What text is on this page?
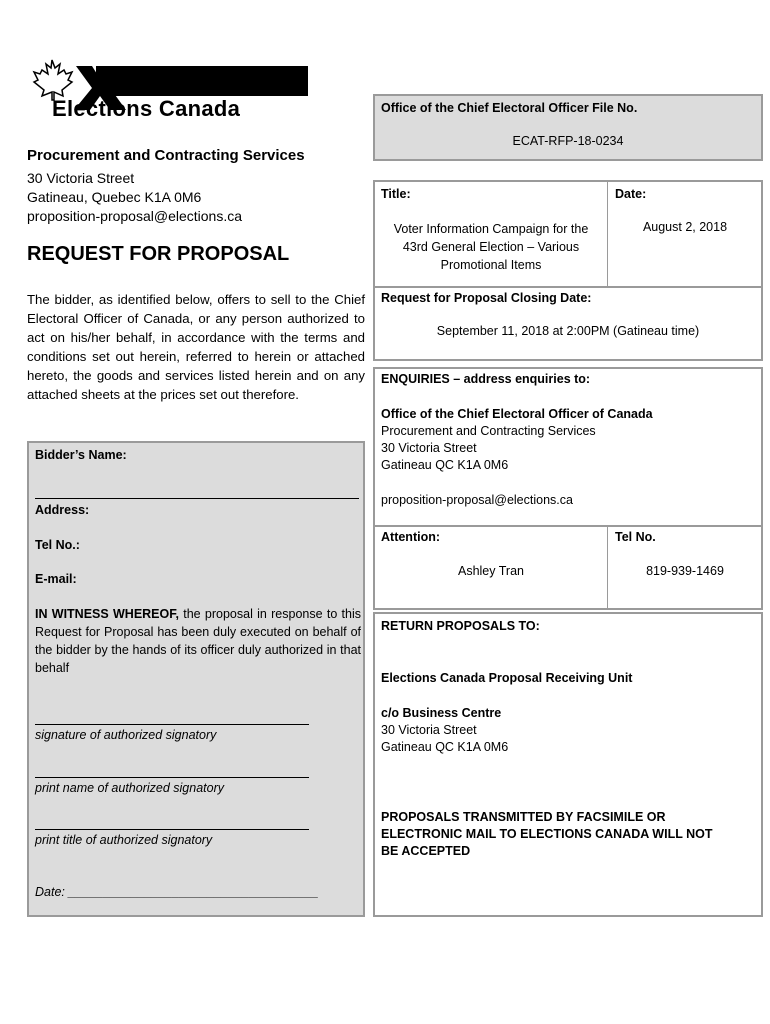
Elections Canada
Procurement and Contracting Services
30 Victoria Street
Gatineau, Quebec K1A 0M6
proposition-proposal@elections.ca
REQUEST FOR PROPOSAL
The bidder, as identified below, offers to sell to the Chief Electoral Officer of Canada, or any person authorized to act on his/her behalf, in accordance with the terms and conditions set out herein, referred to herein or attached hereto, the goods and services listed herein and on any attached sheets at the prices set out therefore.
Bidder’s Name:
Address:
Tel No.:
E-mail:
IN WITNESS WHEREOF, the proposal in response to this Request for Proposal has been duly executed on behalf of the bidder by the hands of its officer duly authorized in that behalf
signature of authorized signatory
print name of authorized signatory
print title of authorized signatory
Date: ____________________________________
Office of the Chief Electoral Officer File No.
ECAT-RFP-18-0234
Title:
Voter Information Campaign for the 43rd General Election – Various Promotional Items
Date:
August 2, 2018
Request for Proposal Closing Date:
September 11, 2018 at 2:00PM (Gatineau time)
ENQUIRIES – address enquiries to:
Office of the Chief Electoral Officer of Canada
Procurement and Contracting Services
30 Victoria Street
Gatineau QC K1A 0M6
proposition-proposal@elections.ca
Attention:
Ashley Tran
Tel No.
819-939-1469
RETURN PROPOSALS TO:
Elections Canada Proposal Receiving Unit
c/o Business Centre
30 Victoria Street
Gatineau QC K1A 0M6
PROPOSALS TRANSMITTED BY FACSIMILE OR ELECTRONIC MAIL TO ELECTIONS CANADA WILL NOT BE ACCEPTED
